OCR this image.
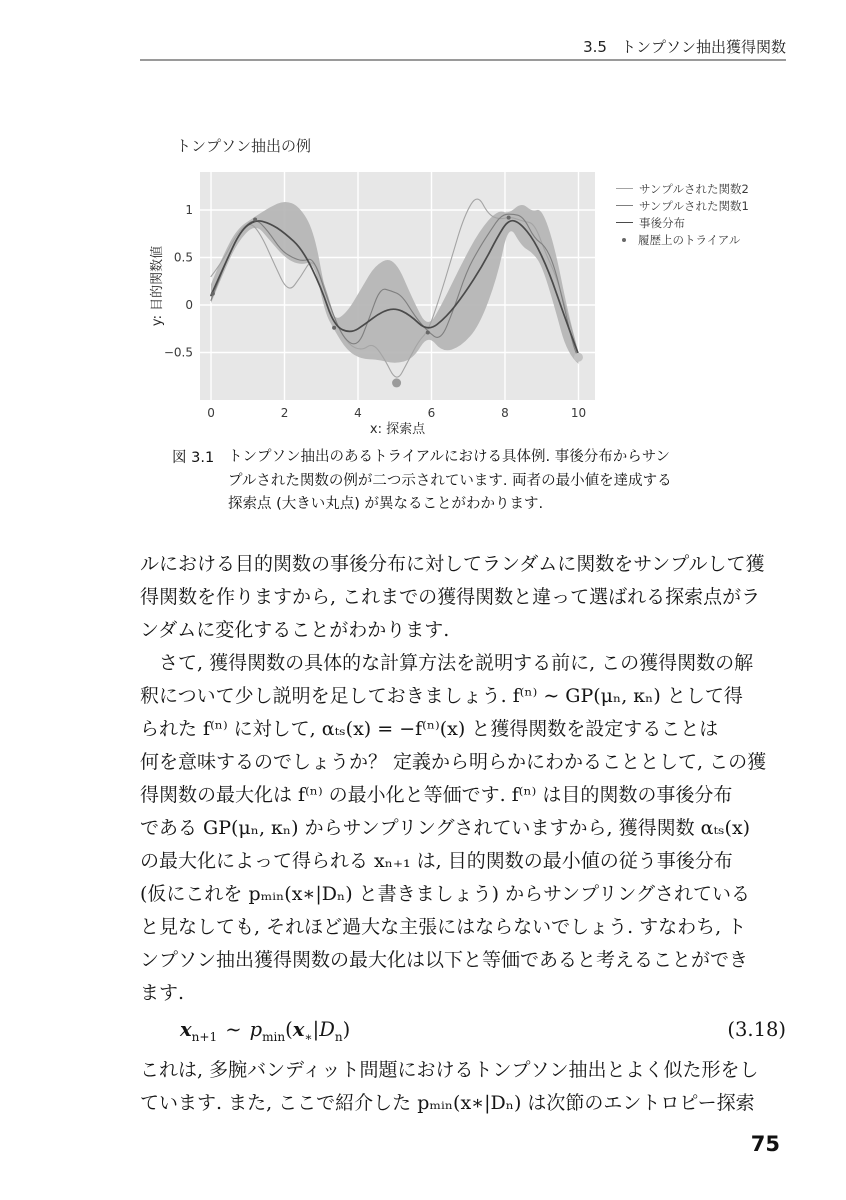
3.5 トンプソン抽出獲得関数
トンプソン抽出の例
0	2	4	6	8	10
−0.5
0
0.5
1
x: 探索点
y: 目的関数値
サンプルされた関数2
サンプルされた関数1
事後分布
履歴上のトライアル
図 3.1 トンプソン抽出のあるトライアルにおける具体例. 事後分布からサン
プルされた関数の例が二つ示されています. 両者の最小値を達成する
探索点 (大きい丸点) が異なることがわかります.
ルにおける目的関数の事後分布に対してランダムに関数をサンプルして獲
得関数を作りますから, これまでの獲得関数と違って選ばれる探索点がラ
ンダムに変化することがわかります.
　さて, 獲得関数の具体的な計算方法を説明する前に, この獲得関数の解
釈について少し説明を足しておきましょう. f⁽ⁿ⁾ ∼ GP(μₙ, κₙ) として得
られた f⁽ⁿ⁾ に対して, αₜₛ(x) = −f⁽ⁿ⁾(x) と獲得関数を設定することは
何を意味するのでしょうか？ 定義から明らかにわかることとして, この獲
得関数の最大化は f⁽ⁿ⁾ の最小化と等価です. f⁽ⁿ⁾ は目的関数の事後分布
である GP(μₙ, κₙ) からサンプリングされていますから, 獲得関数 αₜₛ(x)
の最大化によって得られる xₙ₊₁ は, 目的関数の最小値の従う事後分布
(仮にこれを pₘᵢₙ(x∗|Dₙ) と書きましょう) からサンプリングされている
と見なしても, それほど過大な主張にはならないでしょう. すなわち, ト
ンプソン抽出獲得関数の最大化は以下と等価であると考えることができ
ます.
$x_{n+1}$ ∼ $p_{min}(x_∗|D_n)$	(3.18)
これは, 多腕バンディット問題におけるトンプソン抽出とよく似た形をし
ています. また, ここで紹介した pₘᵢₙ(x∗|Dₙ) は次節のエントロピー探索
75
